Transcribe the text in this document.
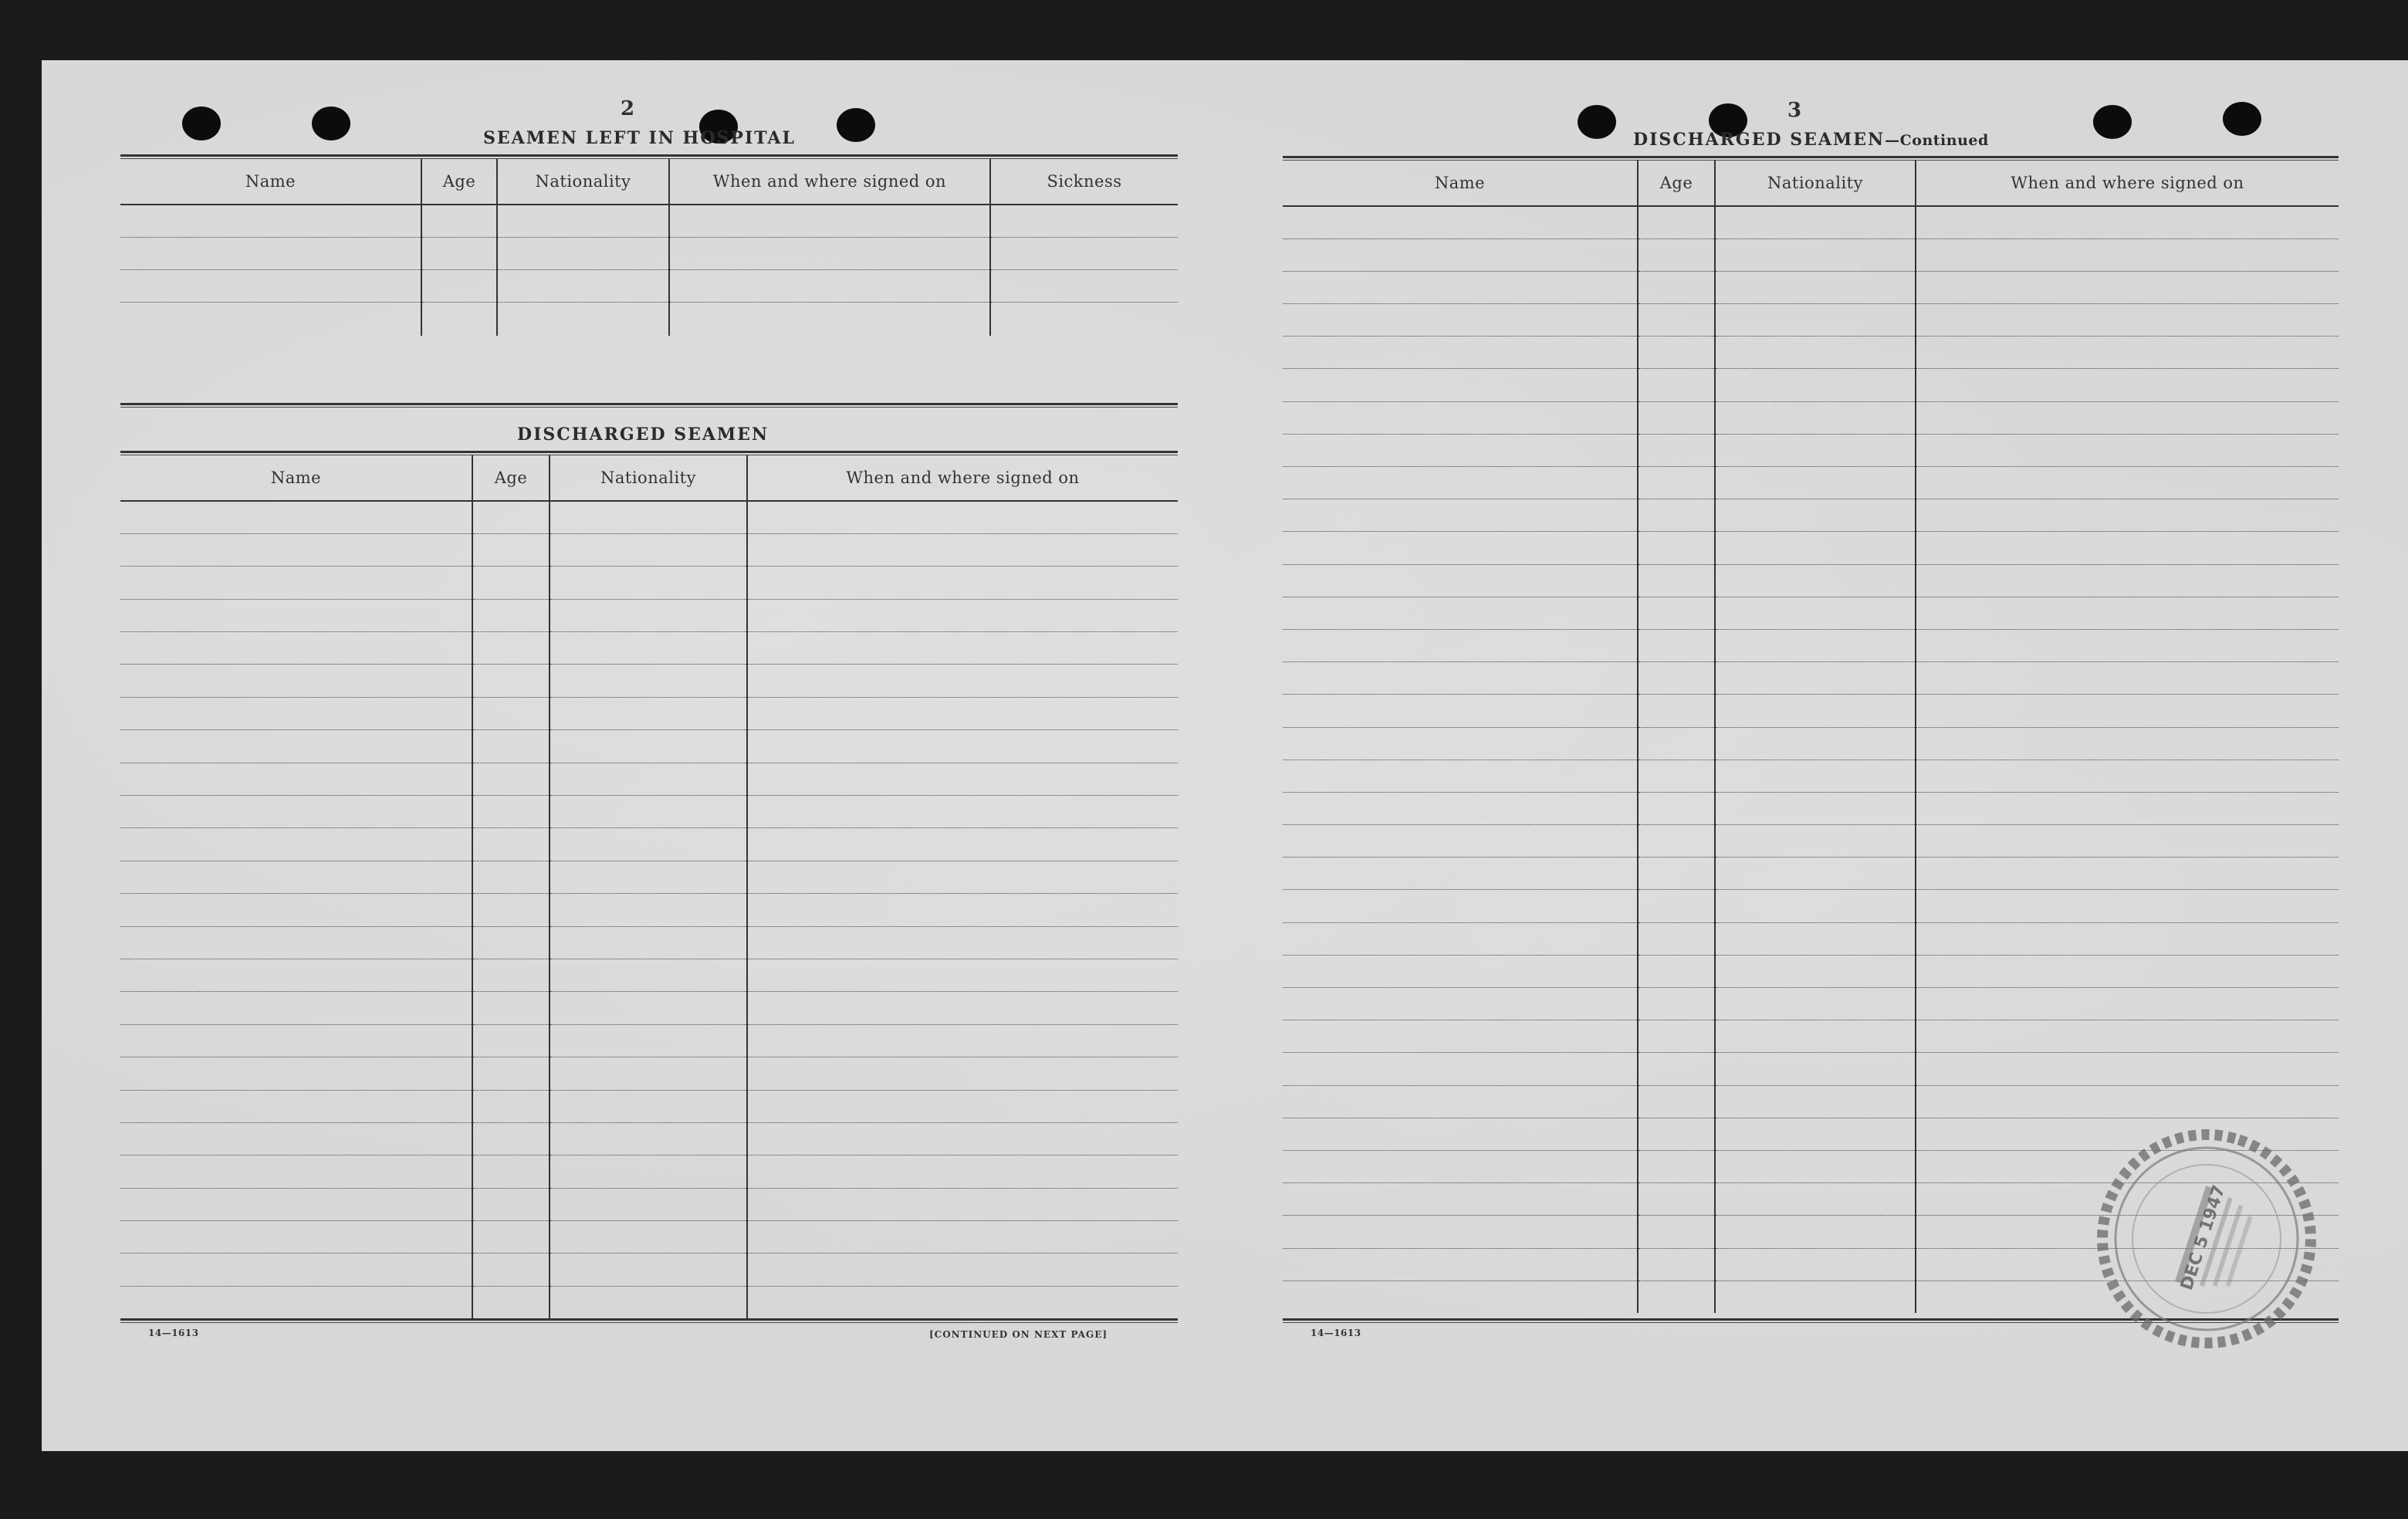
2
SEAMEN LEFT IN HOSPITAL
Name	Age	Nationality	When and where signed on	Sickness

DISCHARGED SEAMEN
Name	Age	Nationality	When and where signed on

14—1613	[CONTINUED ON NEXT PAGE]
3
DISCHARGED SEAMEN—Continued
Name	Age	Nationality	When and where signed on

14—1613
DEC 5 1947
